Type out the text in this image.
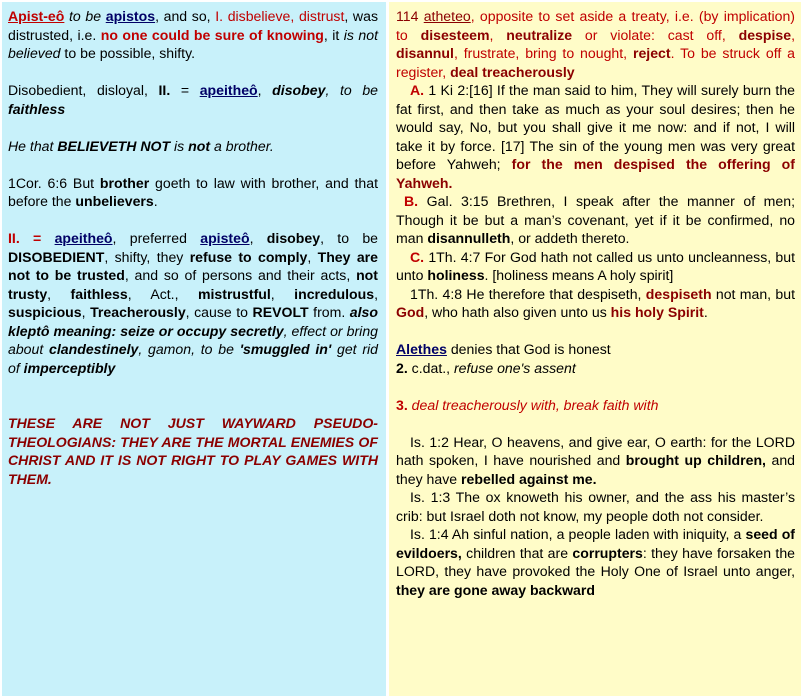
Apist-eô to be apistos, and so, I. disbelieve, distrust, was distrusted, i.e. no one could be sure of knowing, it is not believed to be possible, shifty.

Disobedient, disloyal, II. = apeitheô, disobey, to be faithless

He that BELIEVETH NOT is not a brother.

1Cor. 6:6 But brother goeth to law with brother, and that before the unbelievers.

II. = apeitheô, preferred apisteô, disobey, to be DISOBEDIENT, shifty, they refuse to comply, They are not to be trusted, and so of persons and their acts, not trusty, faithless, Act., mistrustful, incredulous, suspicious, Treacherously, cause to REVOLT from. also kleptô meaning: seize or occupy secretly, effect or bring about clandestinely, gamon, to be 'smuggled in' get rid of imperceptibly

THESE ARE NOT JUST WAYWARD PSEUDO-THEOLOGIANS: THEY ARE THE MORTAL ENEMIES OF CHRIST AND IT IS NOT RIGHT TO PLAY GAMES WITH THEM.

114 atheteo, opposite to set aside a treaty, i.e. (by implication) to disesteem, neutralize or violate: cast off, despise, disannul, frustrate, bring to nought, reject. To be struck off a register, deal treacherously

A. 1 Ki 2:[16] If the man said to him, They will surely burn the fat first, and then take as much as your soul desires; then he would say, No, but you shall give it me now: and if not, I will take it by force. [17] The sin of the young men was very great before Yahweh; for the men despised the offering of Yahweh.

B. Gal. 3:15 Brethren, I speak after the manner of men; Though it be but a man’s covenant, yet if it be confirmed, no man disannulleth, or addeth thereto.

C. 1Th. 4:7 For God hath not called us unto uncleanness, but unto holiness. [holiness means A holy spirit]

1Th. 4:8 He therefore that despiseth, despiseth not man, but God, who hath also given unto us his holy Spirit.

Alethes denies that God is honest

2. c.dat., refuse one's assent

3. deal treacherously with, break faith with

Is. 1:2 Hear, O heavens, and give ear, O earth: for the LORD hath spoken, I have nourished and brought up children, and they have rebelled against me.

Is. 1:3 The ox knoweth his owner, and the ass his master’s crib: but Israel doth not know, my people doth not consider.

Is. 1:4 Ah sinful nation, a people laden with iniquity, a seed of evildoers, children that are corrupters: they have forsaken the LORD, they have provoked the Holy One of Israel unto anger, they are gone away backward
